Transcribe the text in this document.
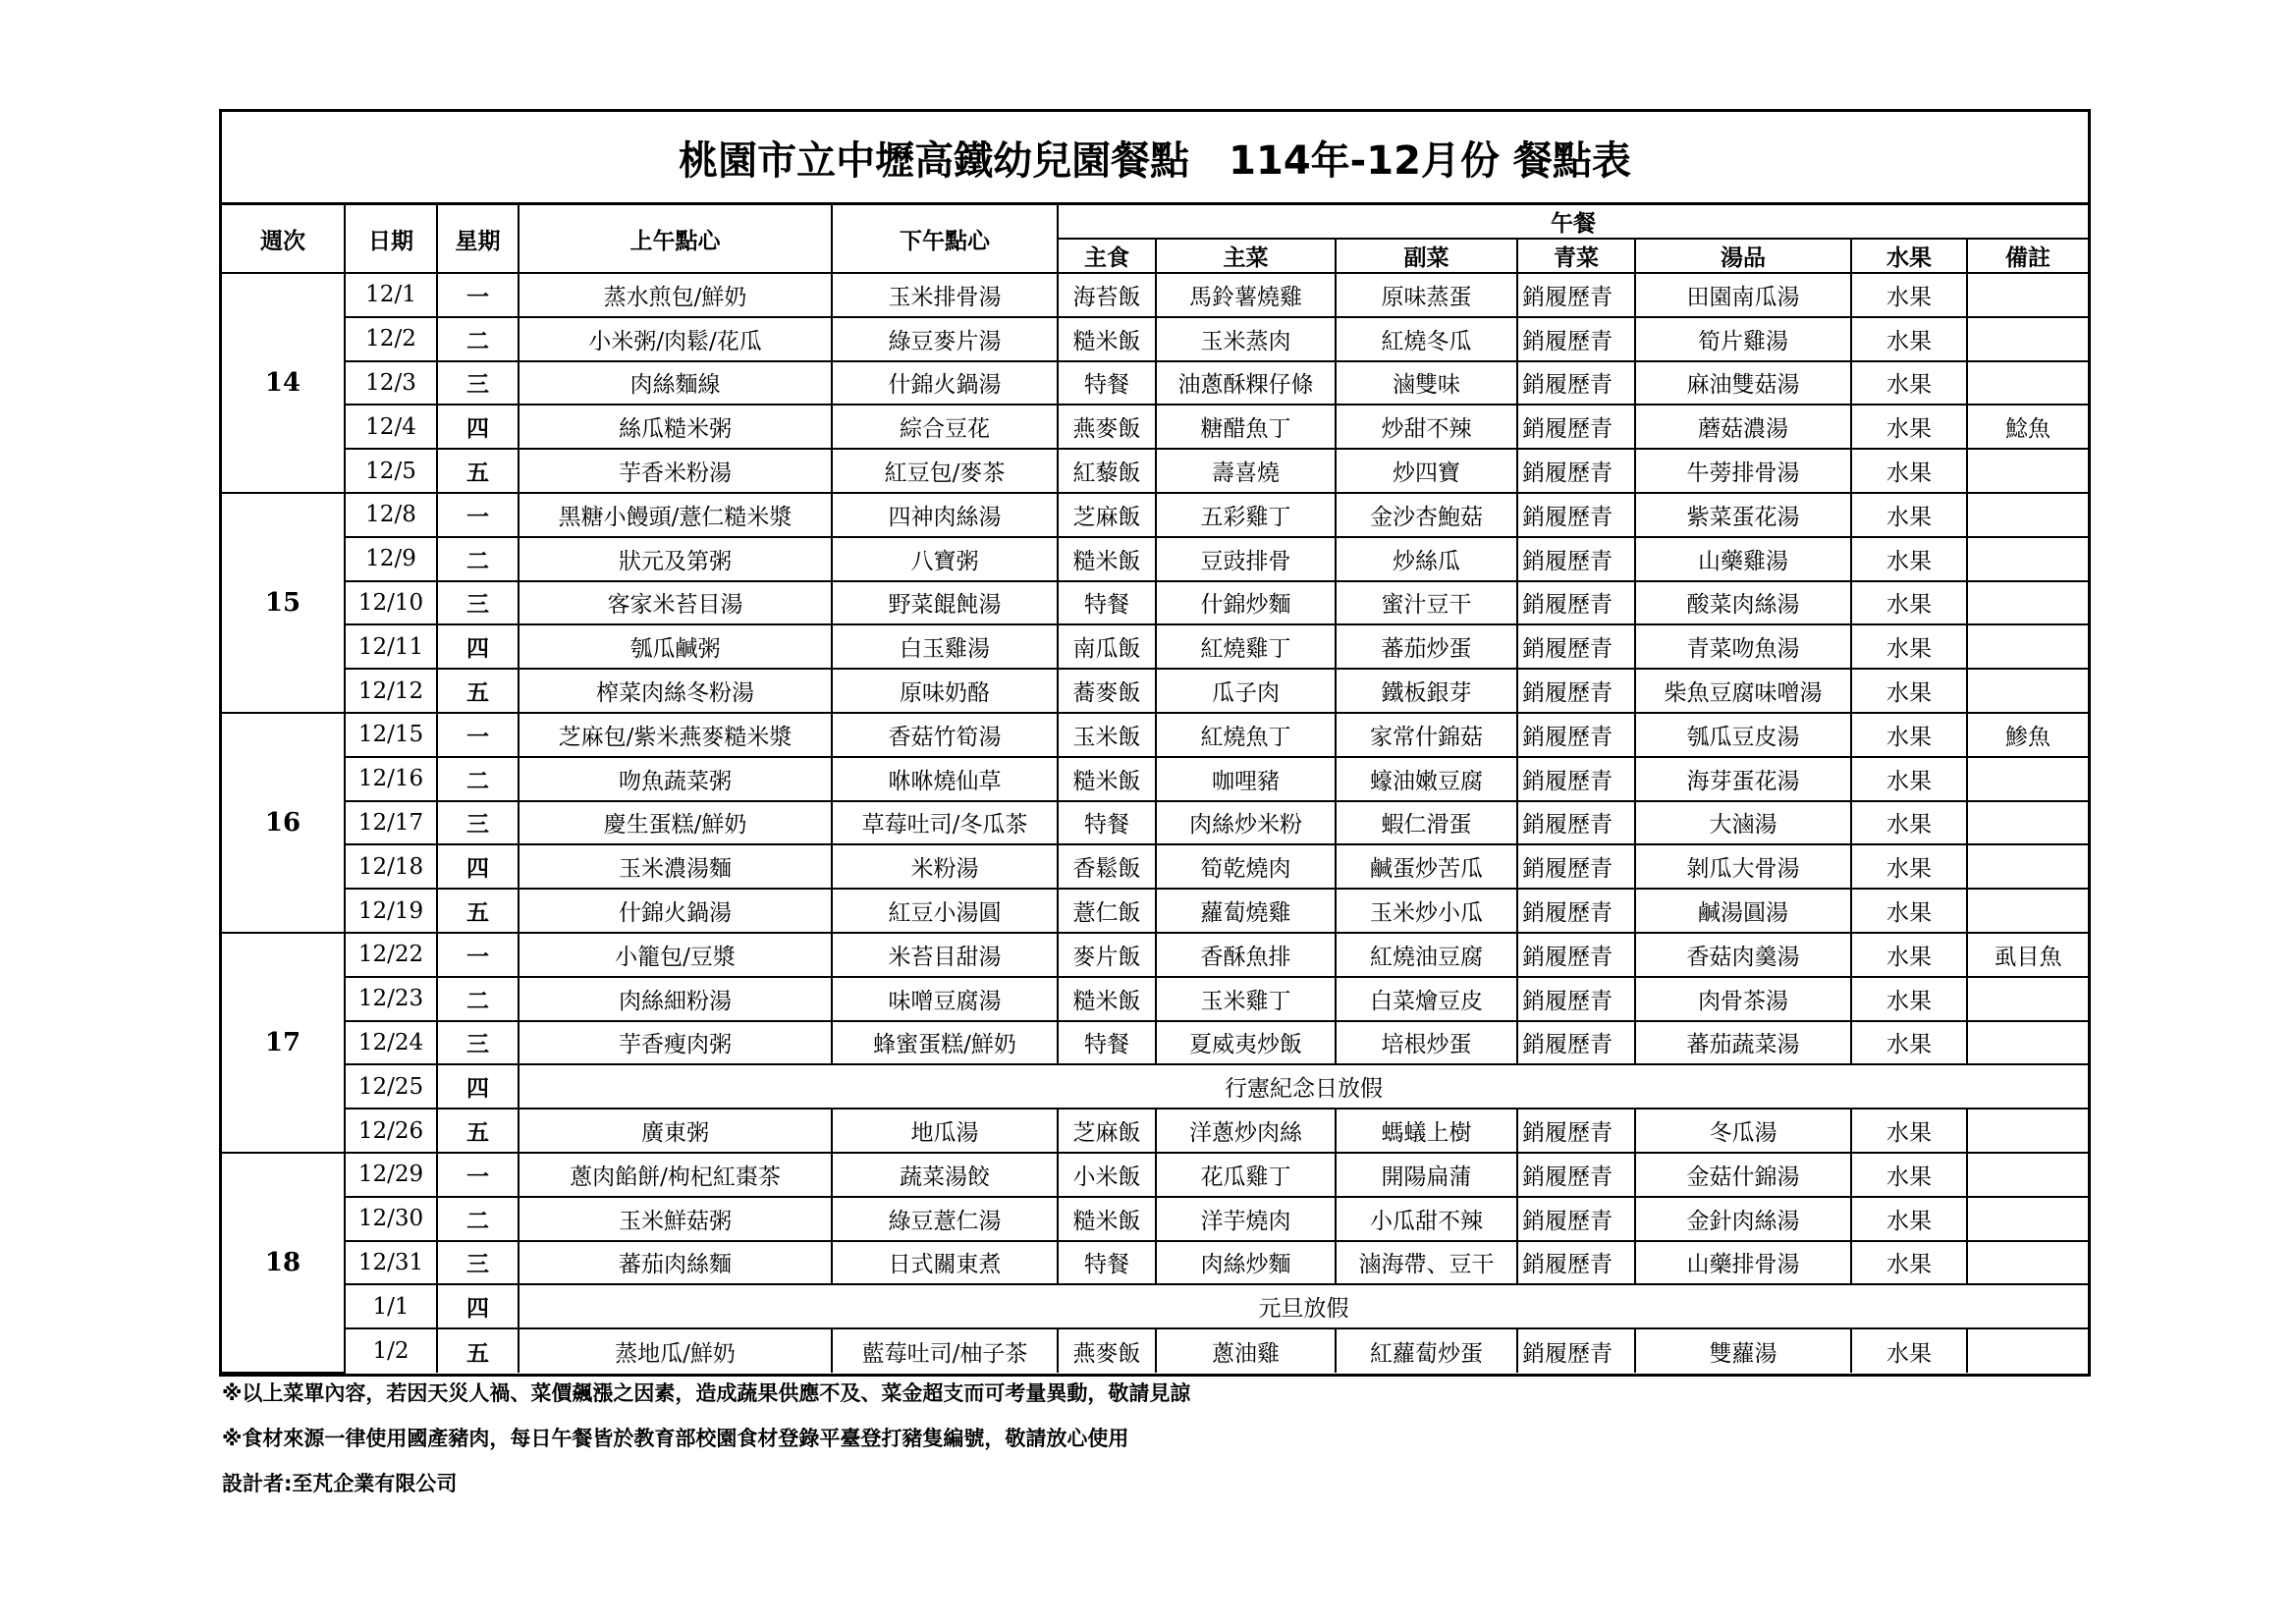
桃園市立中壢高鐵幼兒園餐點　114年-12月份 餐點表
週次	日期	星期	上午點心	下午點心	午餐						
					主食	主菜	副菜	青菜	湯品	水果	備註
14	12/1	一	蒸水煎包/鮮奶	玉米排骨湯	海苔飯	馬鈴薯燒雞	原味蒸蛋	銷履歷青	田園南瓜湯	水果	
	12/2	二	小米粥/肉鬆/花瓜	綠豆麥片湯	糙米飯	玉米蒸肉	紅燒冬瓜	銷履歷青	筍片雞湯	水果	
	12/3	三	肉絲麵線	什錦火鍋湯	特餐	油蔥酥粿仔條	滷雙味	銷履歷青	麻油雙菇湯	水果	
	12/4	四	絲瓜糙米粥	綜合豆花	燕麥飯	糖醋魚丁	炒甜不辣	銷履歷青	蘑菇濃湯	水果	鯰魚
	12/5	五	芋香米粉湯	紅豆包/麥茶	紅藜飯	壽喜燒	炒四寶	銷履歷青	牛蒡排骨湯	水果	
15	12/8	一	黑糖小饅頭/薏仁糙米漿	四神肉絲湯	芝麻飯	五彩雞丁	金沙杏鮑菇	銷履歷青	紫菜蛋花湯	水果	
	12/9	二	狀元及第粥	八寶粥	糙米飯	豆豉排骨	炒絲瓜	銷履歷青	山藥雞湯	水果	
	12/10	三	客家米苔目湯	野菜餛飩湯	特餐	什錦炒麵	蜜汁豆干	銷履歷青	酸菜肉絲湯	水果	
	12/11	四	瓠瓜鹹粥	白玉雞湯	南瓜飯	紅燒雞丁	蕃茄炒蛋	銷履歷青	青菜吻魚湯	水果	
	12/12	五	榨菜肉絲冬粉湯	原味奶酪	蕎麥飯	瓜子肉	鐵板銀芽	銷履歷青	柴魚豆腐味噌湯	水果	
16	12/15	一	芝麻包/紫米燕麥糙米漿	香菇竹筍湯	玉米飯	紅燒魚丁	家常什錦菇	銷履歷青	瓠瓜豆皮湯	水果	鯵魚
	12/16	二	吻魚蔬菜粥	咻咻燒仙草	糙米飯	咖哩豬	蠔油嫩豆腐	銷履歷青	海芽蛋花湯	水果	
	12/17	三	慶生蛋糕/鮮奶	草莓吐司/冬瓜茶	特餐	肉絲炒米粉	蝦仁滑蛋	銷履歷青	大滷湯	水果	
	12/18	四	玉米濃湯麵	米粉湯	香鬆飯	筍乾燒肉	鹹蛋炒苦瓜	銷履歷青	剝瓜大骨湯	水果	
	12/19	五	什錦火鍋湯	紅豆小湯圓	薏仁飯	蘿蔔燒雞	玉米炒小瓜	銷履歷青	鹹湯圓湯	水果	
17	12/22	一	小籠包/豆漿	米苔目甜湯	麥片飯	香酥魚排	紅燒油豆腐	銷履歷青	香菇肉羹湯	水果	虱目魚
	12/23	二	肉絲細粉湯	味噌豆腐湯	糙米飯	玉米雞丁	白菜燴豆皮	銷履歷青	肉骨茶湯	水果	
	12/24	三	芋香瘦肉粥	蜂蜜蛋糕/鮮奶	特餐	夏威夷炒飯	培根炒蛋	銷履歷青	蕃茄蔬菜湯	水果	
	12/25	四	行憲紀念日放假								
	12/26	五	廣東粥	地瓜湯	芝麻飯	洋蔥炒肉絲	螞蟻上樹	銷履歷青	冬瓜湯	水果	
18	12/29	一	蔥肉餡餅/枸杞紅棗茶	蔬菜湯餃	小米飯	花瓜雞丁	開陽扁蒲	銷履歷青	金菇什錦湯	水果	
	12/30	二	玉米鮮菇粥	綠豆薏仁湯	糙米飯	洋芋燒肉	小瓜甜不辣	銷履歷青	金針肉絲湯	水果	
	12/31	三	蕃茄肉絲麵	日式關東煮	特餐	肉絲炒麵	滷海帶、豆干	銷履歷青	山藥排骨湯	水果	
	1/1	四	元旦放假								
	1/2	五	蒸地瓜/鮮奶	藍莓吐司/柚子茶	燕麥飯	蔥油雞	紅蘿蔔炒蛋	銷履歷青	雙蘿湯	水果	
※以上菜單內容，若因天災人禍、菜價飆漲之因素，造成蔬果供應不及、菜金超支而可考量異動，敬請見諒
※食材來源一律使用國產豬肉，每日午餐皆於教育部校園食材登錄平臺登打豬隻編號，敬請放心使用
設計者:至芃企業有限公司
